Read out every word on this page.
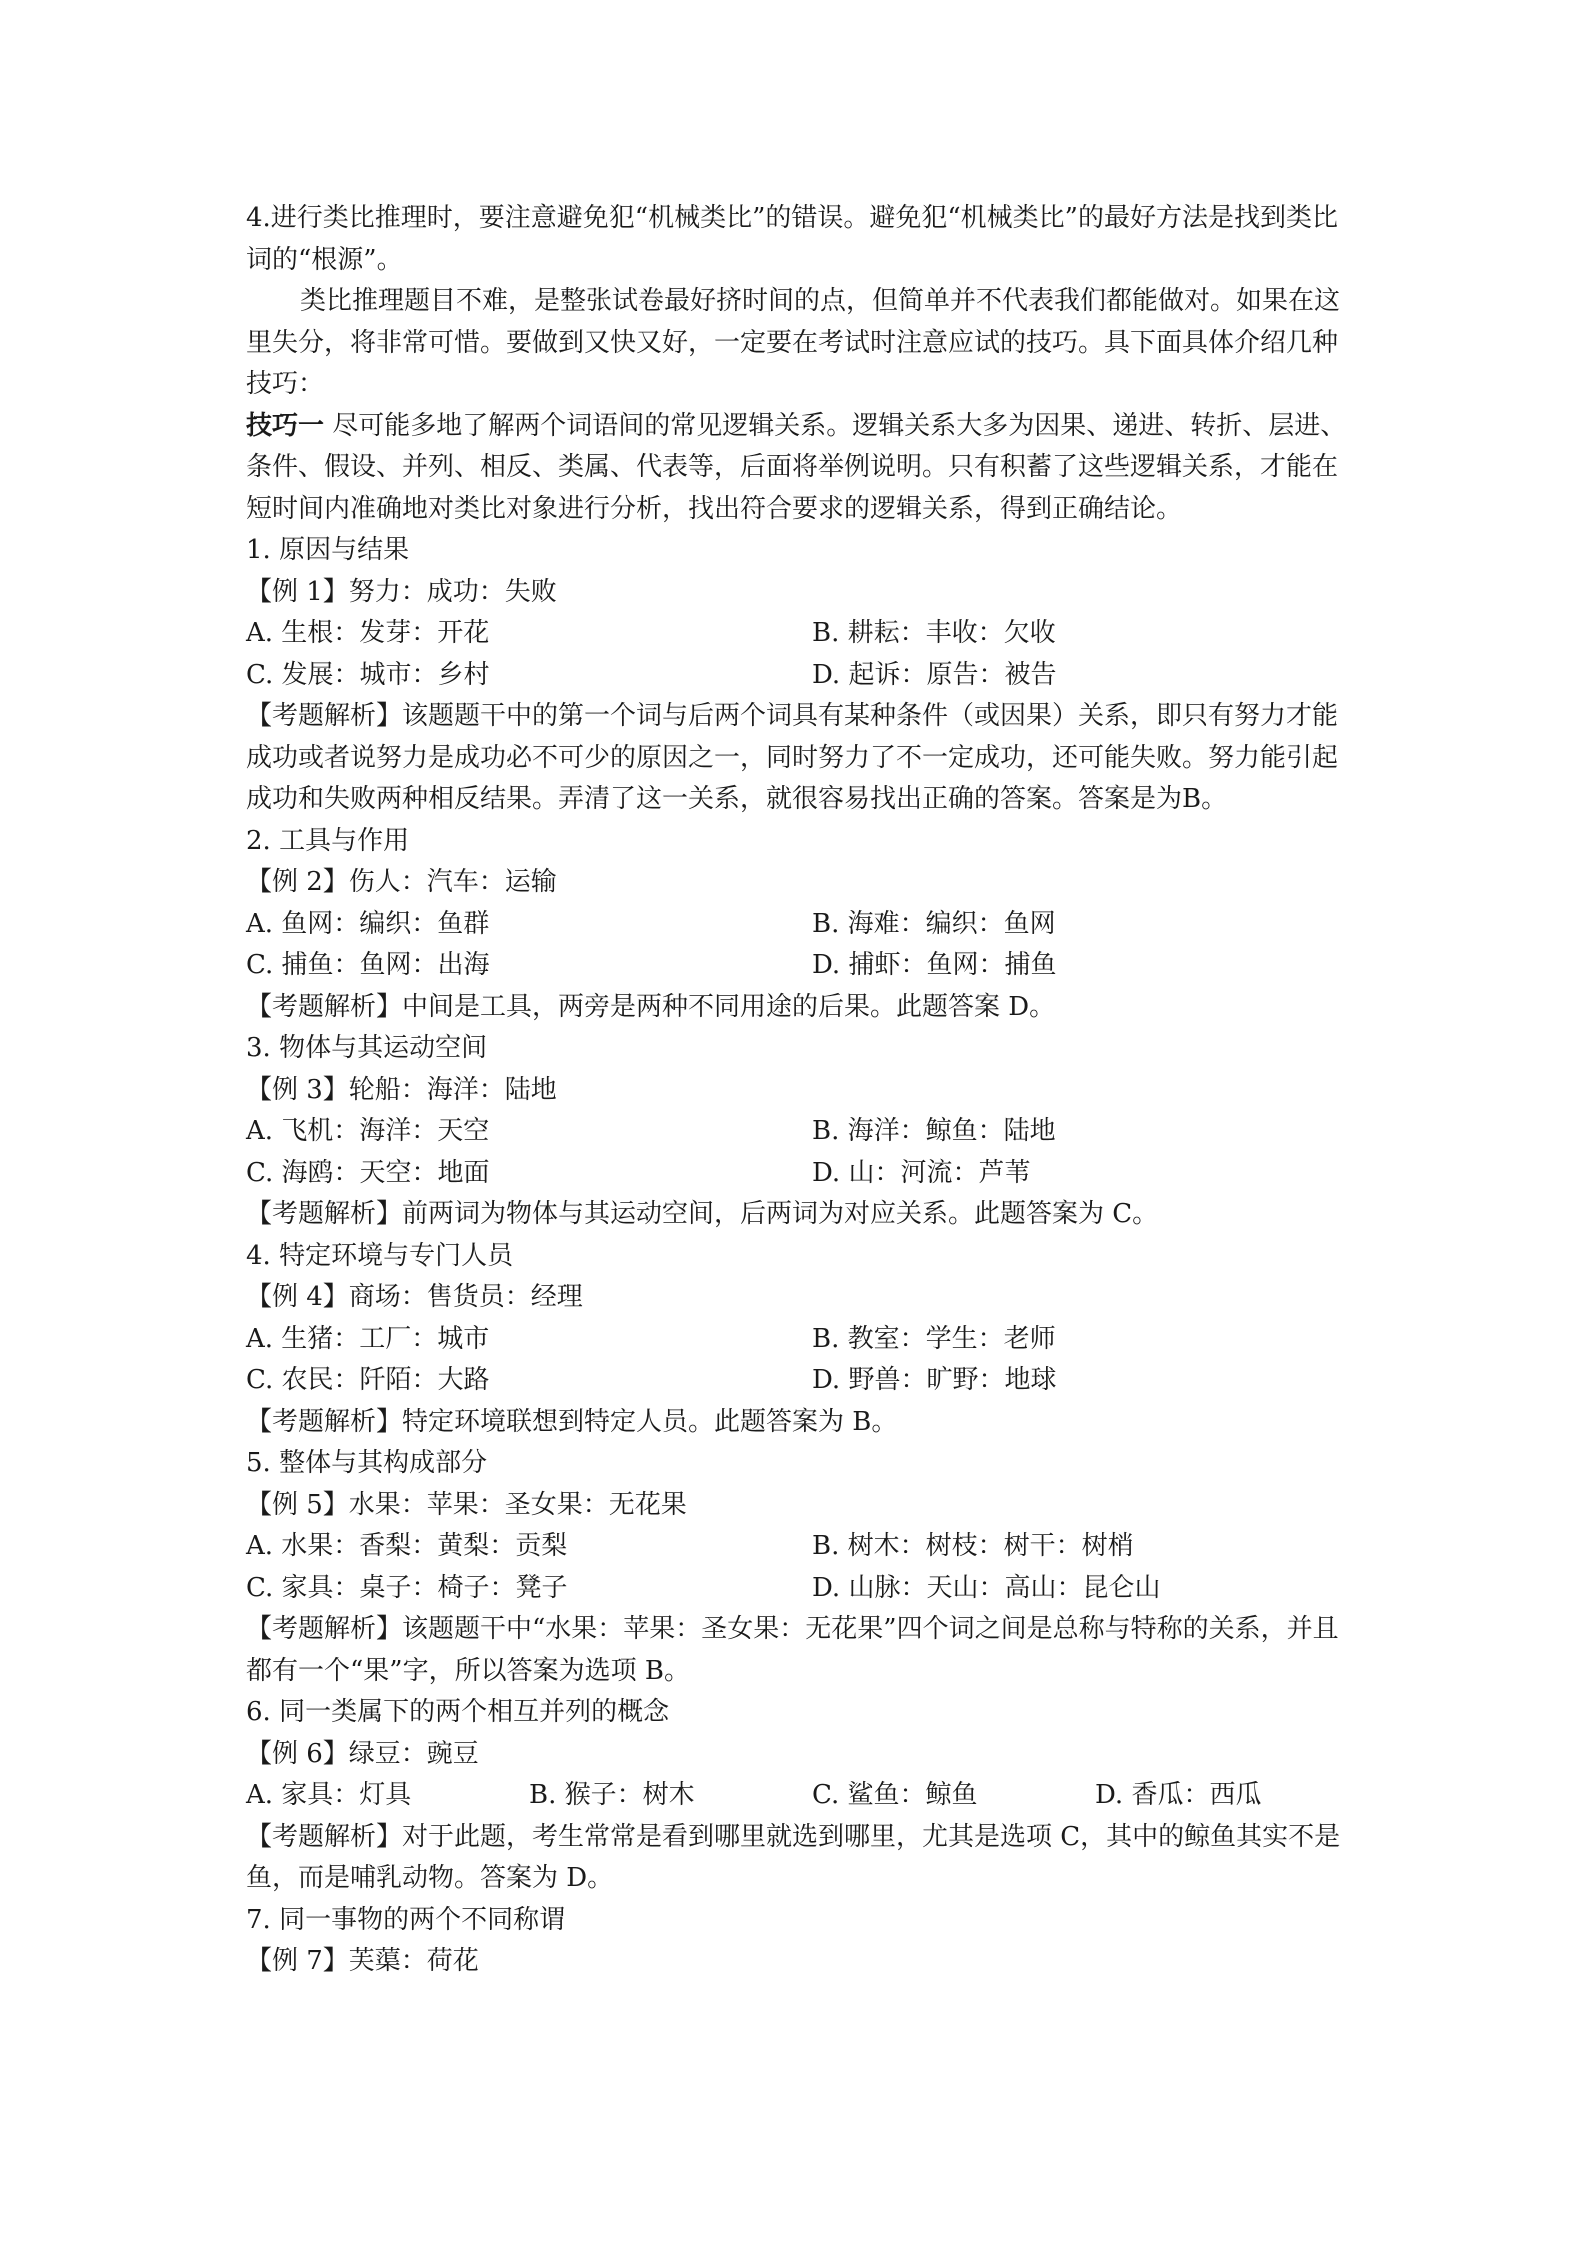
4.进行类比推理时，要注意避免犯“机械类比”的错误。避免犯“机械类比”的最好方法是找到类比词的“根源”。
类比推理题目不难，是整张试卷最好挤时间的点，但简单并不代表我们都能做对。如果在这里失分，将非常可惜。要做到又快又好，一定要在考试时注意应试的技巧。具下面具体介绍几种技巧：
技巧一 尽可能多地了解两个词语间的常见逻辑关系。逻辑关系大多为因果、递进、转折、层进、条件、假设、并列、相反、类属、代表等，后面将举例说明。只有积蓄了这些逻辑关系，才能在短时间内准确地对类比对象进行分析，找出符合要求的逻辑关系，得到正确结论。
1. 原因与结果
【例 1】努力：成功：失败
A. 生根：发芽：开花	B. 耕耘：丰收：欠收
C. 发展：城市：乡村	D. 起诉：原告：被告
【考题解析】该题题干中的第一个词与后两个词具有某种条件（或因果）关系，即只有努力才能成功或者说努力是成功必不可少的原因之一，同时努力了不一定成功，还可能失败。努力能引起成功和失败两种相反结果。弄清了这一关系，就很容易找出正确的答案。答案是为B。
2. 工具与作用
【例 2】伤人：汽车：运输
A. 鱼网：编织：鱼群	B. 海难：编织：鱼网
C. 捕鱼：鱼网：出海	D. 捕虾：鱼网：捕鱼
【考题解析】中间是工具，两旁是两种不同用途的后果。此题答案 D。
3. 物体与其运动空间
【例 3】轮船：海洋：陆地
A. 飞机：海洋：天空	B. 海洋：鲸鱼：陆地
C. 海鸥：天空：地面	D. 山：河流：芦苇
【考题解析】前两词为物体与其运动空间，后两词为对应关系。此题答案为 C。
4. 特定环境与专门人员
【例 4】商场：售货员：经理
A. 生猪：工厂：城市	B. 教室：学生：老师
C. 农民：阡陌：大路	D. 野兽：旷野：地球
【考题解析】特定环境联想到特定人员。此题答案为 B。
5. 整体与其构成部分
【例 5】水果：苹果：圣女果：无花果
A. 水果：香梨：黄梨：贡梨	B. 树木：树枝：树干：树梢
C. 家具：桌子：椅子：凳子	D. 山脉：天山：高山：昆仑山
【考题解析】该题题干中“水果：苹果：圣女果：无花果”四个词之间是总称与特称的关系，并且都有一个“果”字，所以答案为选项 B。
6. 同一类属下的两个相互并列的概念
【例 6】绿豆：豌豆
A. 家具：灯具	B. 猴子：树木	C. 鲨鱼：鲸鱼	D. 香瓜：西瓜
【考题解析】对于此题，考生常常是看到哪里就选到哪里，尤其是选项 C，其中的鲸鱼其实不是鱼，而是哺乳动物。答案为 D。
7. 同一事物的两个不同称谓
【例 7】芙蕖：荷花
